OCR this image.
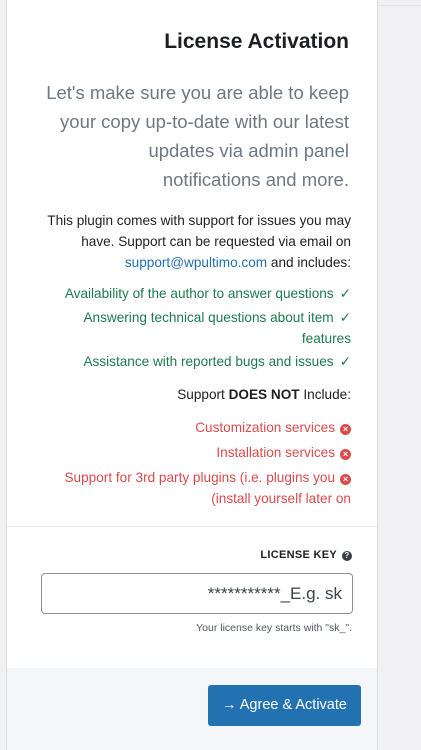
License Activation
Let's make sure you are able to keep
your copy up-to-date with our latest
updates via admin panel
.notifications and more
This plugin comes with support for issues you may
have. Support can be requested via email on
:support@wpultimo.com and includes
✓Availability of the author to answer questions
✓Answering technical questions about item
features
✓Assistance with reported bugs and issues
:Support DOES NOT Include
×Customization services
×Installation services
×Support for 3rd party plugins (i.e. plugins you
install yourself later on)
?LICENSE KEY
E.g. sk_***********
."_Your license key starts with "sk
→ Agree & Activate
